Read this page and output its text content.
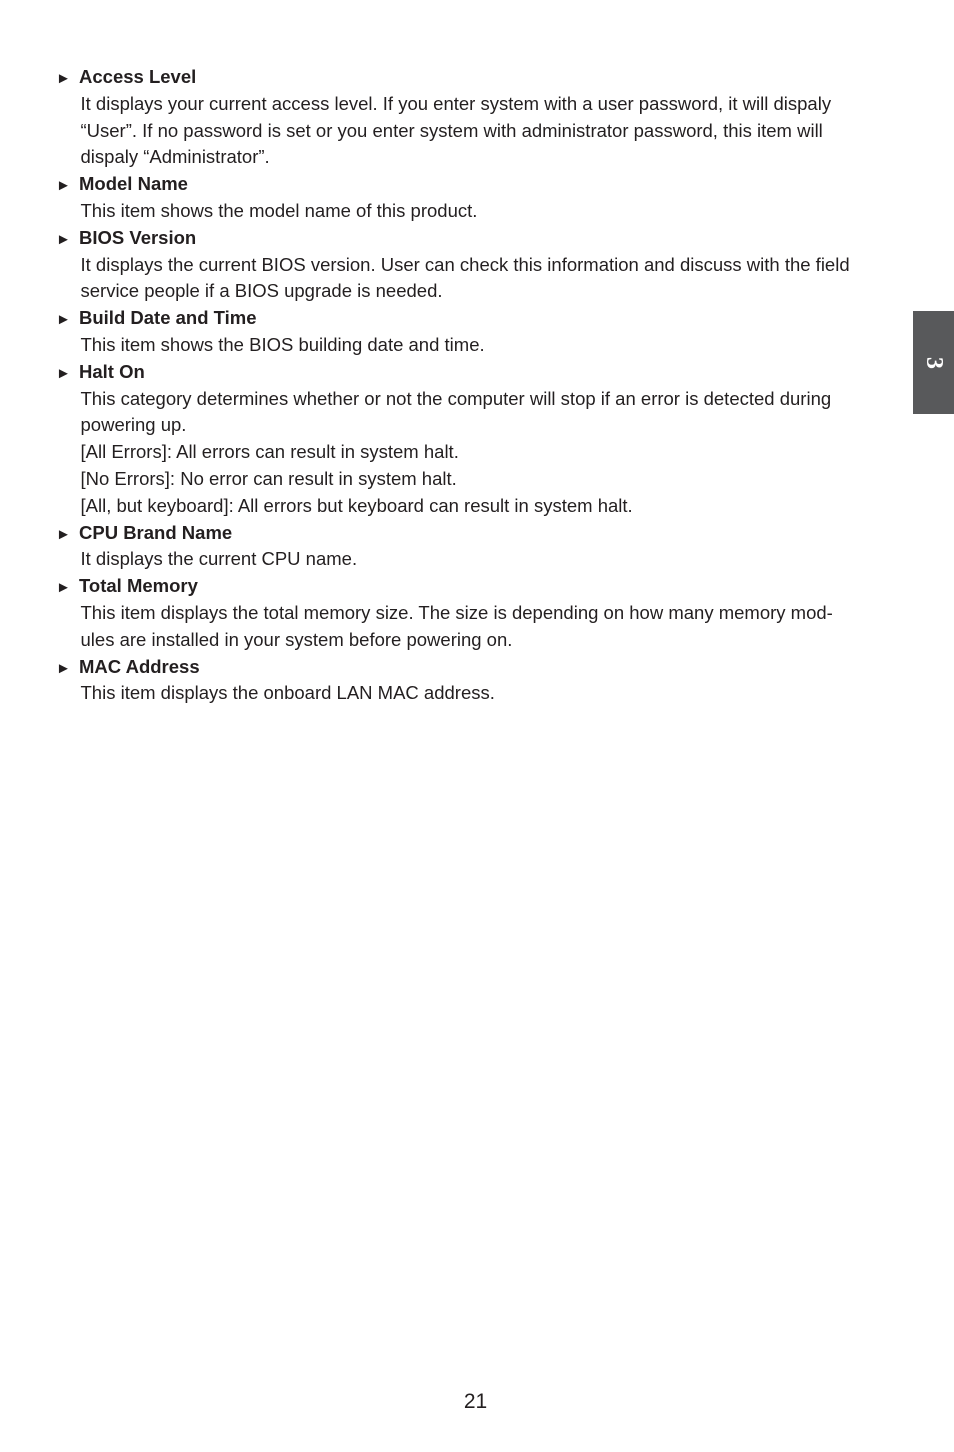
► Access Level

It displays your current access level. If you enter system with a user password, it will dispaly

“User”. If no password is set or you enter system with administrator password, this item will

dispaly “Administrator”.

► Model Name

This item shows the model name of this product.

► BIOS Version

It displays the current BIOS version. User can check this information and discuss with the field

service people if a BIOS upgrade is needed.

► Build Date and Time

This item shows the BIOS building date and time.

► Halt On

This category determines whether or not the computer will stop if an error is detected during

powering up.

[All Errors]: All errors can result in system halt.

[No Errors]: No error can result in system halt.

[All, but keyboard]: All errors but keyboard can result in system halt.

► CPU Brand Name

It displays the current CPU name.

► Total Memory

This item displays the total memory size. The size is depending on how many memory mod-

ules are installed in your system before powering on.

► MAC Address

This item displays the onboard LAN MAC address.

3
21
